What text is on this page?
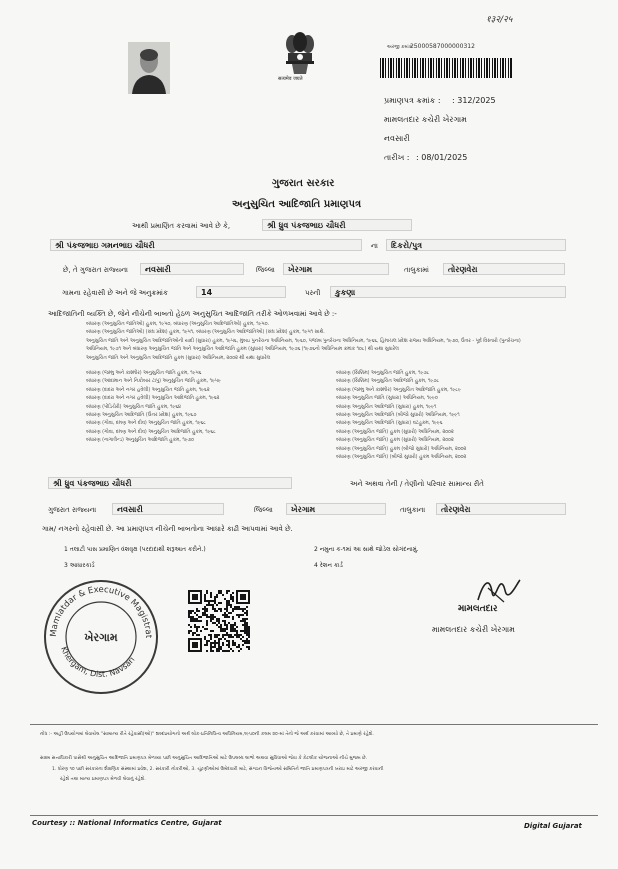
१३२/२५
सत्यमेव जयते
અરજી ક્રમાંક :
25000587000000312
પ્રમાણપત્ર ક્રમાંક : : 312/2025
મામલતદાર કચેરી ખેરગામ
નવસારી
તારીખ : : 08/01/2025
ગુજરાત સરકાર
અનુસુચિત આદિજાતિ પ્રમાણપત્ર
આથી પ્રમાણિત કરવામાં આવે છે કે,	શ્રી ધ્રુવ પંકજભાઇ ચૌધરી
શ્રી પંકજભાઇ ગમનભાઇ ચૌધરી	ના	દિકરો/પુત્ર
છે, તે ગુજરાત રાજ્યના	નવસારી	જિલ્લા	ખેરગામ	તાલુકામાં	તોરણવેરા
ગામના રહેવાસી છે અને જે અનુક્રમાંક	14	પરની	કુકણા
આદિજાતિની વ્યક્તિ છે, જેને નીચેની બાબતો હેઠળ અનુસુચિત આદિજાતિ તરીકે ઓળખવામાં આવે છે :-
બંધારણ (અનુસુચિત જાતિઓ) હુકમ, ૧૯૫૦, બંધારણ (અનુસુચિત આદિજાતિઓ) હુકમ, ૧૯૫૦.
બંધારણ (અનુસુચિત જાતિઓ) (સંઘ પ્રદેશ) હુકમ, ૧૯૫૧, બંધારણ (અનુસુચિત આદિજાતિઓ) (સંઘ પ્રદેશ) હુકમ, ૧૯૫૧ સાથે.
અનુસુચિત જાતિ અને અનુસુચિત આદિજાતિઓની યાદી (સુધારા) હુકમ, ૧૯૫૬, મુંબઇ પુનર્રચના અધિનિયમ, ૧૯૬૦, પંજાબ પુનર્રચના અધિનિયમ, ૧૯૬૬, હિમાચલ પ્રદેશ રાજ્ય અધિનિયમ, ૧૯૭૦, ઉત્તર - પૂર્વ વિસ્તારો (પુનર્રચના)
અધિનિયમ, ૧૯૭૧ અને બંધારણ અનુસુચિત જાતિ અને અનુસુચિત આદિજાતિ હુકમ (સુધારા) અધિનિયમ, ૧૯૭૬ (૧૯૭૬નો અધિનિયમ ક્રમાંક ૧૦૮) થી યથા સુધારેલ
અનુસુચિત જાતિ અને અનુસુચિત આદિજાતિ હુકમ (સુધારા) અધિનિયમ, ૨૦૦૨ થી યથા સુધારેલ
બંધારણ (જમ્મુ અને કાશ્મીર) અનુસુચિત જાતિ હુકમ, ૧૯૫૬
બંધારણ (આંદામાન અને નિકોબાર ટાપુ) અનુસુચિત જાતિ હુકમ, ૧૯૫૯
બંધારણ (દાદરા અને નગર હવેલી) અનુસુચિત જાતિ હુકમ, ૧૯૬૨
બંધારણ (દાદરા અને નગર હવેલી) અનુસુચિત આદિજાતિ હુકમ, ૧૯૬૨
બંધારણ (પોંડિચેરી) અનુસુચિત જાતિ હુકમ, ૧૯૬૪
બંધારણ અનુસુચિત આદિજાતિ (ઉત્તર પ્રદેશ) હુકમ, ૧૯૬૭
બંધારણ (ગોવા, દમણ અને દીવ) અનુસુચિત જાતિ હુકમ, ૧૯૬૮
બંધારણ (ગોવા, દમણ અને દીવ) અનુસુચિત આદિજાતિ હુકમ, ૧૯૬૮
બંધારણ (નાગાલેન્ડ) અનુસુચિત આદિજાતિ હુકમ, ૧૯૭૦
બંધારણ (સિક્કિમ) અનુસુચિત જાતિ હુકમ, ૧૯૭૮
બંધારણ (સિક્કિમ) અનુસુચિત આદિજાતિ હુકમ, ૧૯૭૮
બંધારણ (જમ્મુ અને કાશ્મીર) અનુસુચિત આદિજાતિ હુકમ, ૧૯૮૯
બંધારણ અનુસુચિત જાતિ (સુધારા) અધિનિયમ, ૧૯૯૦
બંધારણ અનુસુચિત આદિજાતિ (સુધારા) હુકમ, ૧૯૯૧
બંધારણ અનુસુચિત આદિજાતિ (બીજો સુધારો) અધિનિયમ, ૧૯૯૧
બંધારણ અનુસુચિત આદિજાતિ (સુધારા) વટહુકમ, ૧૯૯૬
બંધારણ (અનુસુચિત જાતિ) હુકમ (સુધારો) અધિનિયમ, ૨૦૦૨
બંધારણ (અનુસુચિત જાતિ) હુકમ (સુધારો) અધિનિયમ, ૨૦૦૨
બંધારણ (અનુસુચિત જાતિ) હુકમ (બીજો સુધારો) અધિનિયમ, ૨૦૦૨
બંધારણ (અનુસુચિત જાતિ) (બીજો સુધારો) હુકમ અધિનિયમ, ૨૦૦૨
શ્રી ધ્રુવ પંકજભાઇ ચૌધરી	અને અથવા તેની / તેણીનો પરિવાર સામાન્ય રીતે
ગુજરાત રાજ્યના	નવસારી	જિલ્લા	ખેરગામ	તાલુકાના	તોરણવેરા
ગામ/ નગરનો રહેવાસી છે. આ પ્રમાણપત્ર નીચેની બાબતોના આધારે કાઢી આપવામાં આવે છે.
1 તલાટી પાસ પ્રમાણિત વંશવૃક્ષ (પરદાદાથી શરૂઆત કરીને.)	2 નમુના ક-૧માં આ સાથે જોડેલ સોગંદનામું.
3 આધારકાર્ડ	4 રેશન કાર્ડ
Mamlatdar & Executive Magistrat
Khergam, Dist. Navsari
ખેરગામ
મામલતદાર
મામલતદાર કચેરી ખેરગામ
નોંધ :- અહીં ઉપયોગમાં લેવાયેલ "સામાન્ય રીતે રહેવાસી(ઓ)" શબ્દપ્રયોગનો અર્થ લોક-પ્રતિનિધિત્વ અધિનિયમ,૧૯૫૦ની કલમ ૨૦-માં તેનો જે અર્થ કરવામાં આવ્યો છે, તે પ્રમાણે રહેશે.
સક્ષમ સત્તાધિકારી પાસેથી અનુસુચિત આદિજાતિ પ્રમાણપત્ર મેળવ્યા પછી અનુસુચિત આદિજાતિઓ માટે ઉપલબ્ધ લાભો અથવા સુવિધાઓ જેવા કે કેટલીક યોજનાઓ નીચે મુજબ છે.
1. ધોરણ ૧૦ પછી સરકારના શૈક્ષણિક સંસ્થામાં પ્રવેશ, 2. સરકારી નોકરીઓ, 3. ચૂંટણીઓમાં ઉમેદવારી માટે, સંગઠન વિજેતાઓ સમિતિને જાતિ પ્રમાણપત્રની ખરાઇ માટે અરજી કરવાની
રહેશે તથા માન્ય પ્રમાણપત્ર મેળવી લેવાનું રહેશે.
Courtesy :: National Informatics Centre, Gujarat	Digital Gujarat
